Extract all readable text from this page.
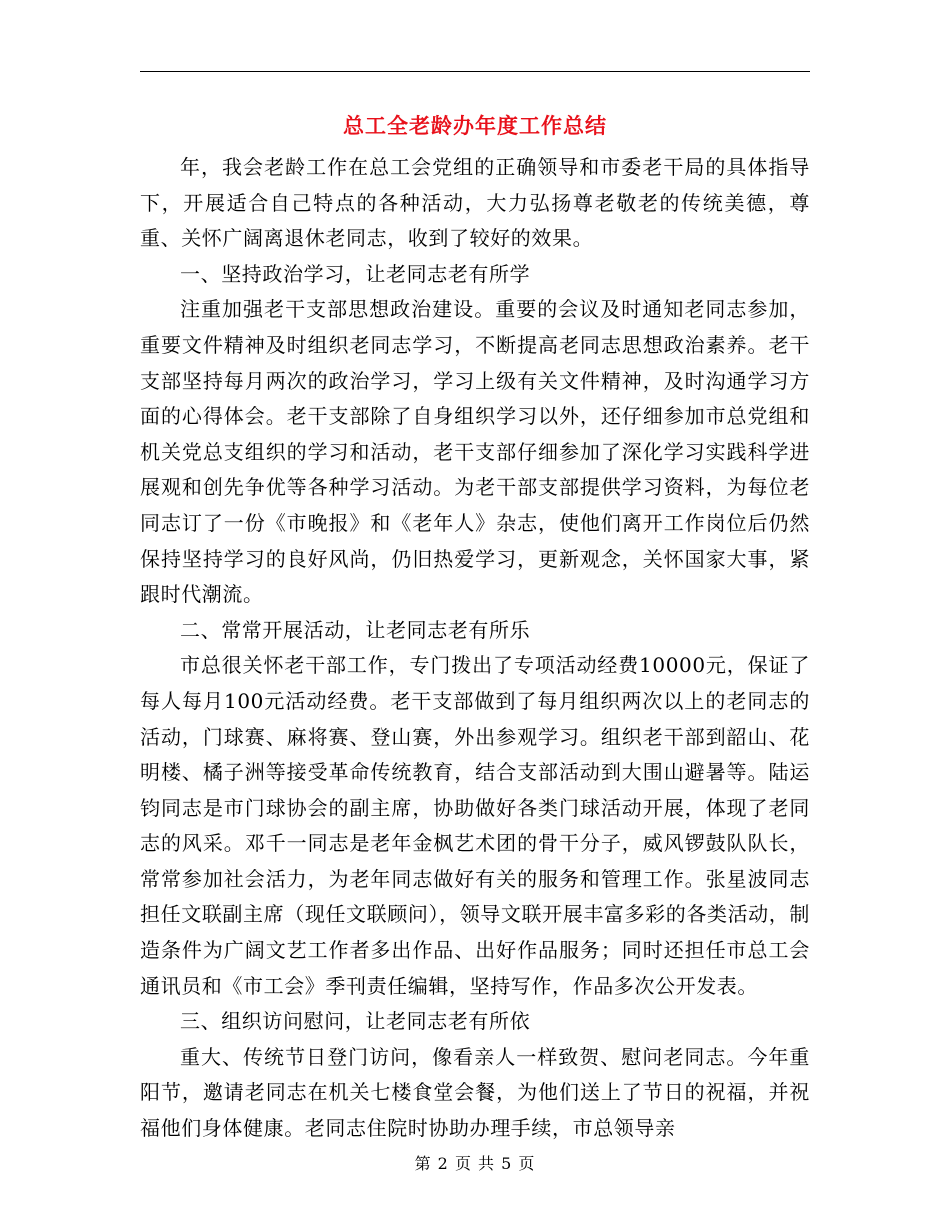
总工全老龄办年度工作总结

年，我会老龄工作在总工会党组的正确领导和市委老干局的具体指导下，开展适合自己特点的各种活动，大力弘扬尊老敬老的传统美德，尊重、关怀广阔离退休老同志，收到了较好的效果。

一、坚持政治学习，让老同志老有所学

注重加强老干支部思想政治建设。重要的会议及时通知老同志参加，重要文件精神及时组织老同志学习，不断提高老同志思想政治素养。老干支部坚持每月两次的政治学习，学习上级有关文件精神，及时沟通学习方面的心得体会。老干支部除了自身组织学习以外，还仔细参加市总党组和机关党总支组织的学习和活动，老干支部仔细参加了深化学习实践科学进展观和创先争优等各种学习活动。为老干部支部提供学习资料，为每位老同志订了一份《市晚报》和《老年人》杂志，使他们离开工作岗位后仍然保持坚持学习的良好风尚，仍旧热爱学习，更新观念，关怀国家大事，紧跟时代潮流。

二、常常开展活动，让老同志老有所乐

市总很关怀老干部工作，专门拨出了专项活动经费10000元，保证了每人每月100元活动经费。老干支部做到了每月组织两次以上的老同志的活动，门球赛、麻将赛、登山赛，外出参观学习。组织老干部到韶山、花明楼、橘子洲等接受革命传统教育，结合支部活动到大围山避暑等。陆运钧同志是市门球协会的副主席，协助做好各类门球活动开展，体现了老同志的风采。邓千一同志是老年金枫艺术团的骨干分子，威风锣鼓队队长，常常参加社会活力，为老年同志做好有关的服务和管理工作。张星波同志担任文联副主席（现任文联顾问），领导文联开展丰富多彩的各类活动，制造条件为广阔文艺工作者多出作品、出好作品服务；同时还担任市总工会通讯员和《市工会》季刊责任编辑，坚持写作，作品多次公开发表。

三、组织访问慰问，让老同志老有所依

重大、传统节日登门访问，像看亲人一样致贺、慰问老同志。今年重阳节，邀请老同志在机关七楼食堂会餐，为他们送上了节日的祝福，并祝福他们身体健康。老同志住院时协助办理手续，市总领导亲

第 2 页 共 5 页
